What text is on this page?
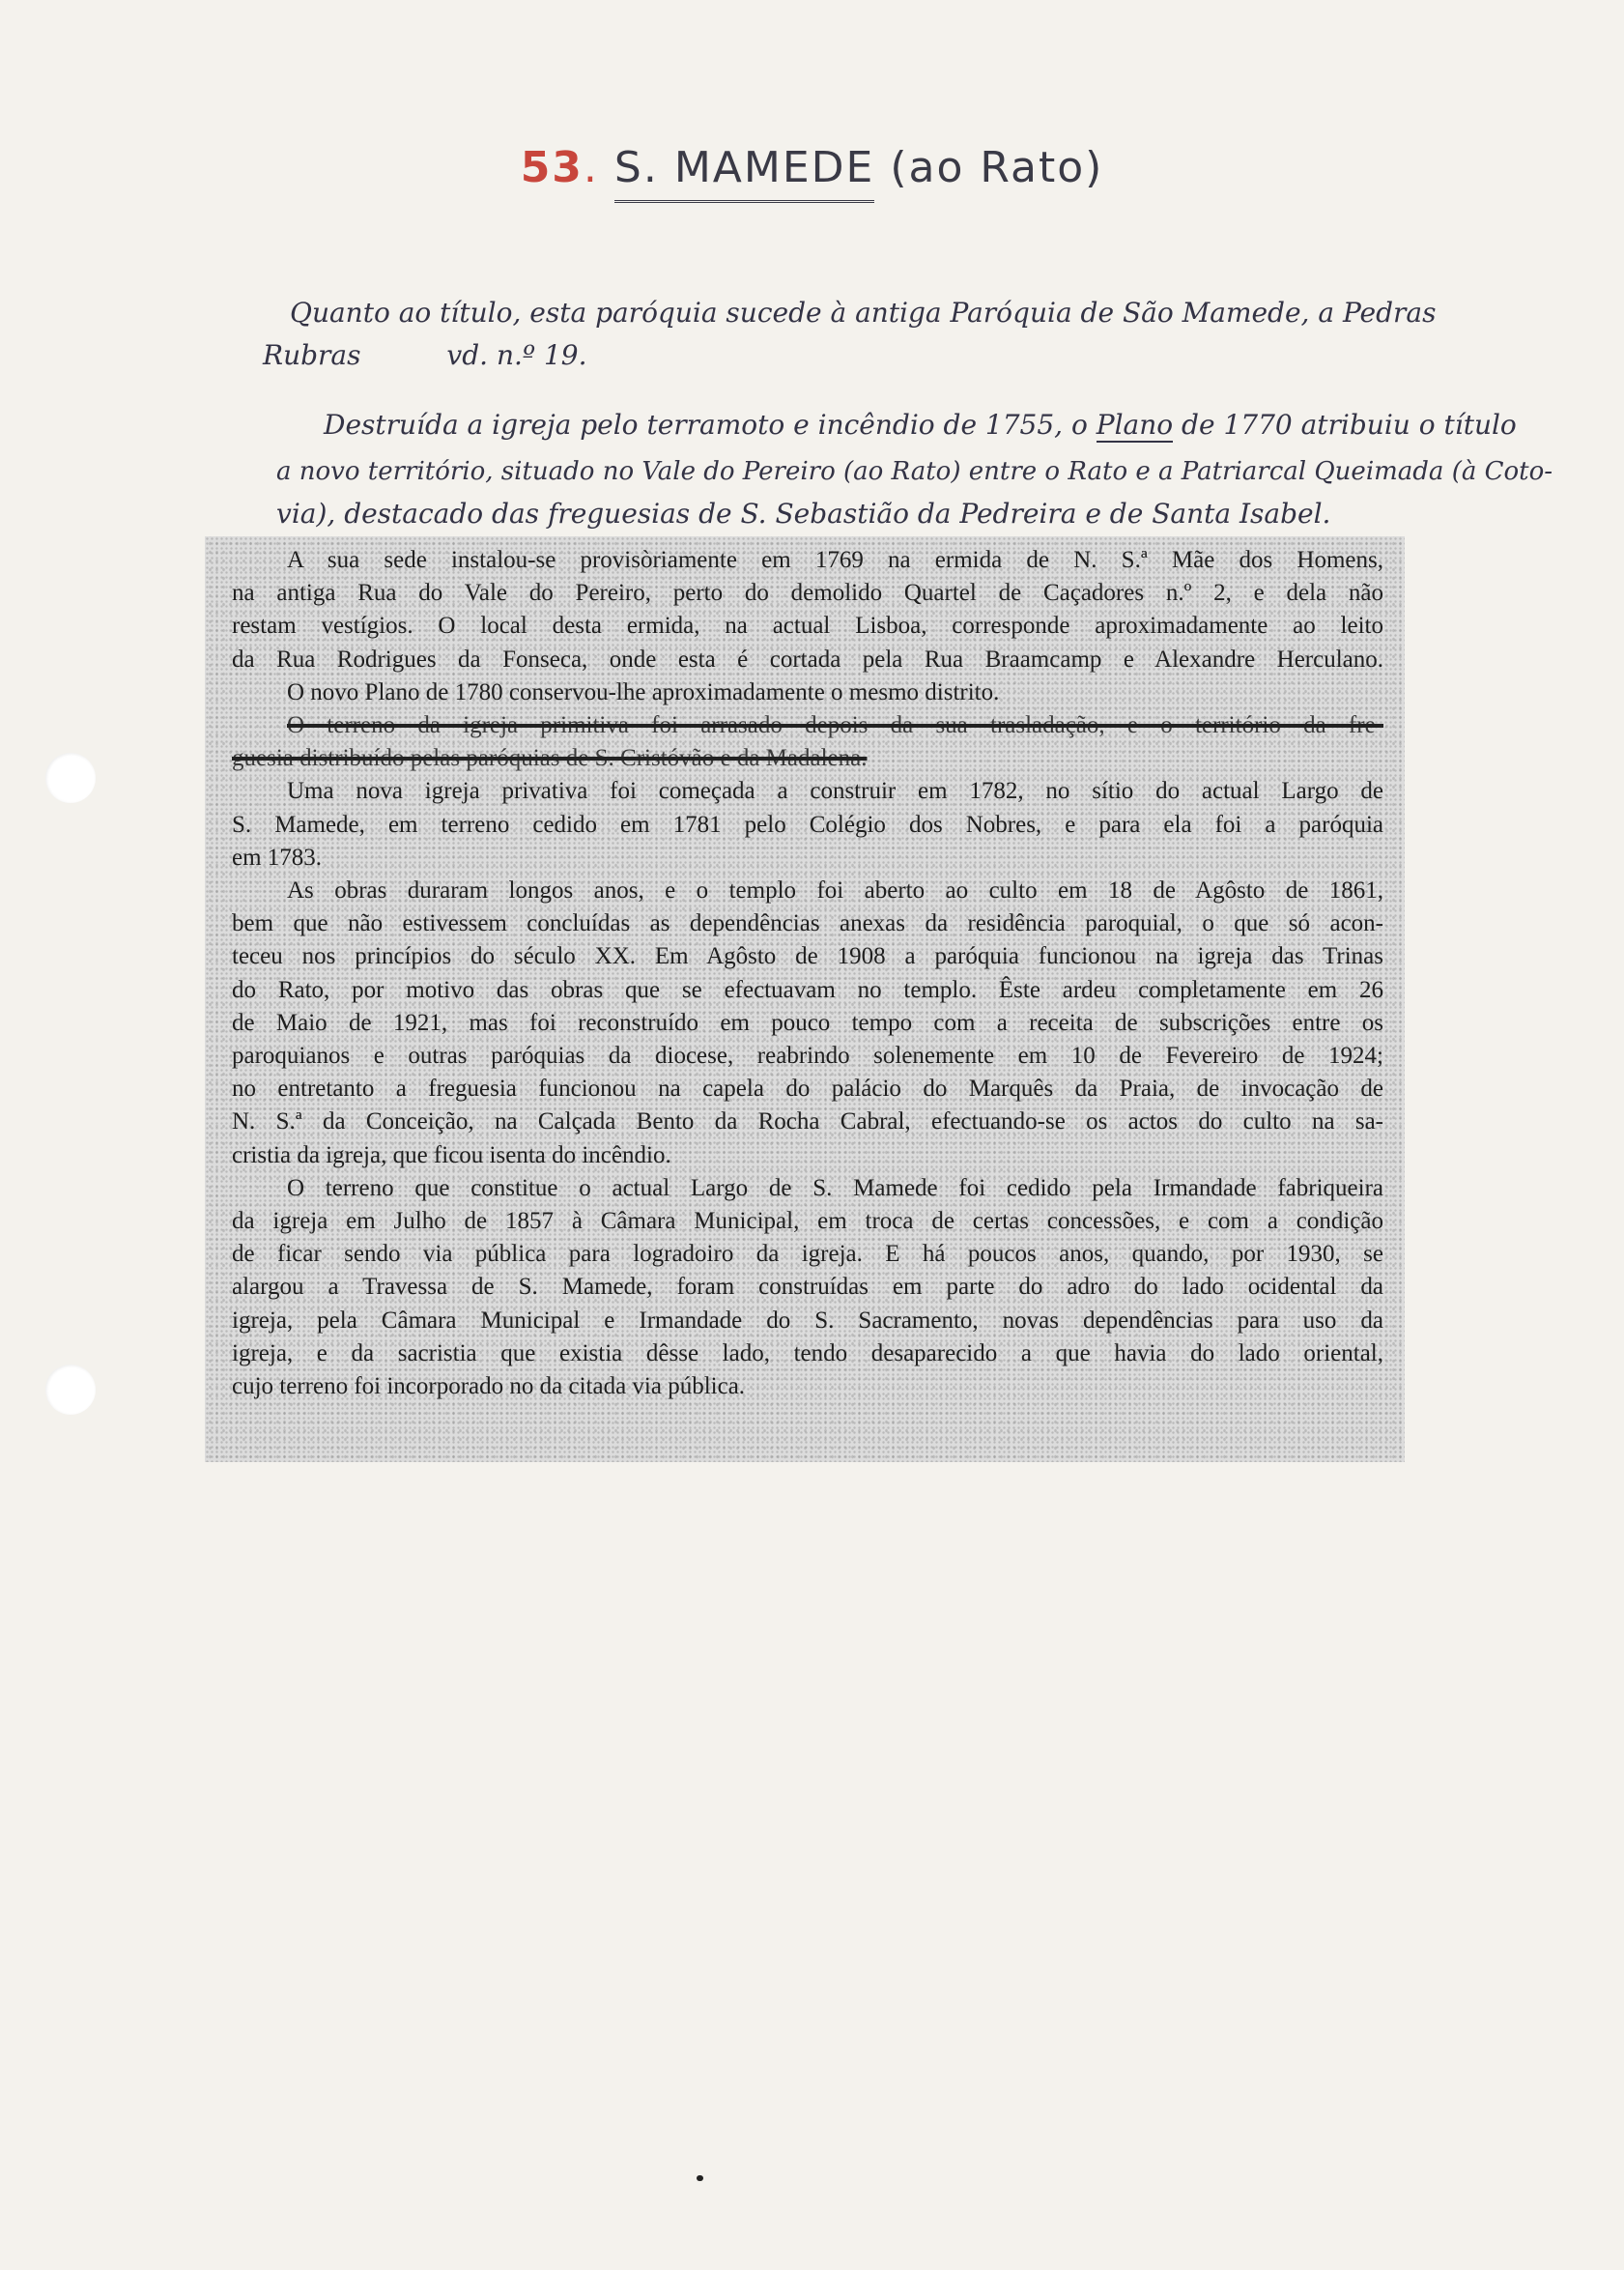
53. S. MAMEDE (ao Rato)
Quanto ao título, esta paróquia sucede à antiga Paróquia de São Mamede, a Pedras
Rubras	vd. n.º 19.
Destruída a igreja pelo terramoto e incêndio de 1755, o Plano de 1770 atribuiu o título
a novo território, situado no Vale do Pereiro (ao Rato) entre o Rato e a Patriarcal Queimada (à Coto-
via), destacado das freguesias de S. Sebastião da Pedreira e de Santa Isabel.

A sua sede instalou-se provisòriamente em 1769 na ermida de N. S.ª Mãe dos Homens,
na antiga Rua do Vale do Pereiro, perto do demolido Quartel de Caçadores n.º 2, e dela não
restam vestígios. O local desta ermida, na actual Lisboa, corresponde aproximadamente ao leito
da Rua Rodrigues da Fonseca, onde esta é cortada pela Rua Braamcamp e Alexandre Herculano.

O novo Plano de 1780 conservou-lhe aproximadamente o mesmo distrito.

O terreno da igreja primitiva foi arrasado depois da sua trasladação, e o território da fre-
guesia distribuído pelas paróquias de S. Cristóvão e da Madalena.

Uma nova igreja privativa foi começada a construir em 1782, no sítio do actual Largo de
S. Mamede, em terreno cedido em 1781 pelo Colégio dos Nobres, e para ela foi a paróquia
em 1783.

As obras duraram longos anos, e o templo foi aberto ao culto em 18 de Agôsto de 1861,
bem que não estivessem concluídas as dependências anexas da residência paroquial, o que só acon-
teceu nos princípios do século XX. Em Agôsto de 1908 a paróquia funcionou na igreja das Trinas
do Rato, por motivo das obras que se efectuavam no templo. Êste ardeu completamente em 26
de Maio de 1921, mas foi reconstruído em pouco tempo com a receita de subscrições entre os
paroquianos e outras paróquias da diocese, reabrindo solenemente em 10 de Fevereiro de 1924;
no entretanto a freguesia funcionou na capela do palácio do Marquês da Praia, de invocação de
N. S.ª da Conceição, na Calçada Bento da Rocha Cabral, efectuando-se os actos do culto na sa-
cristia da igreja, que ficou isenta do incêndio.

O terreno que constitue o actual Largo de S. Mamede foi cedido pela Irmandade fabriqueira
da igreja em Julho de 1857 à Câmara Municipal, em troca de certas concessões, e com a condição
de ficar sendo via pública para logradoiro da igreja. E há poucos anos, quando, por 1930, se
alargou a Travessa de S. Mamede, foram construídas em parte do adro do lado ocidental da
igreja, pela Câmara Municipal e Irmandade do S. Sacramento, novas dependências para uso da
igreja, e da sacristia que existia dêsse lado, tendo desaparecido a que havia do lado oriental,
cujo terreno foi incorporado no da citada via pública.
